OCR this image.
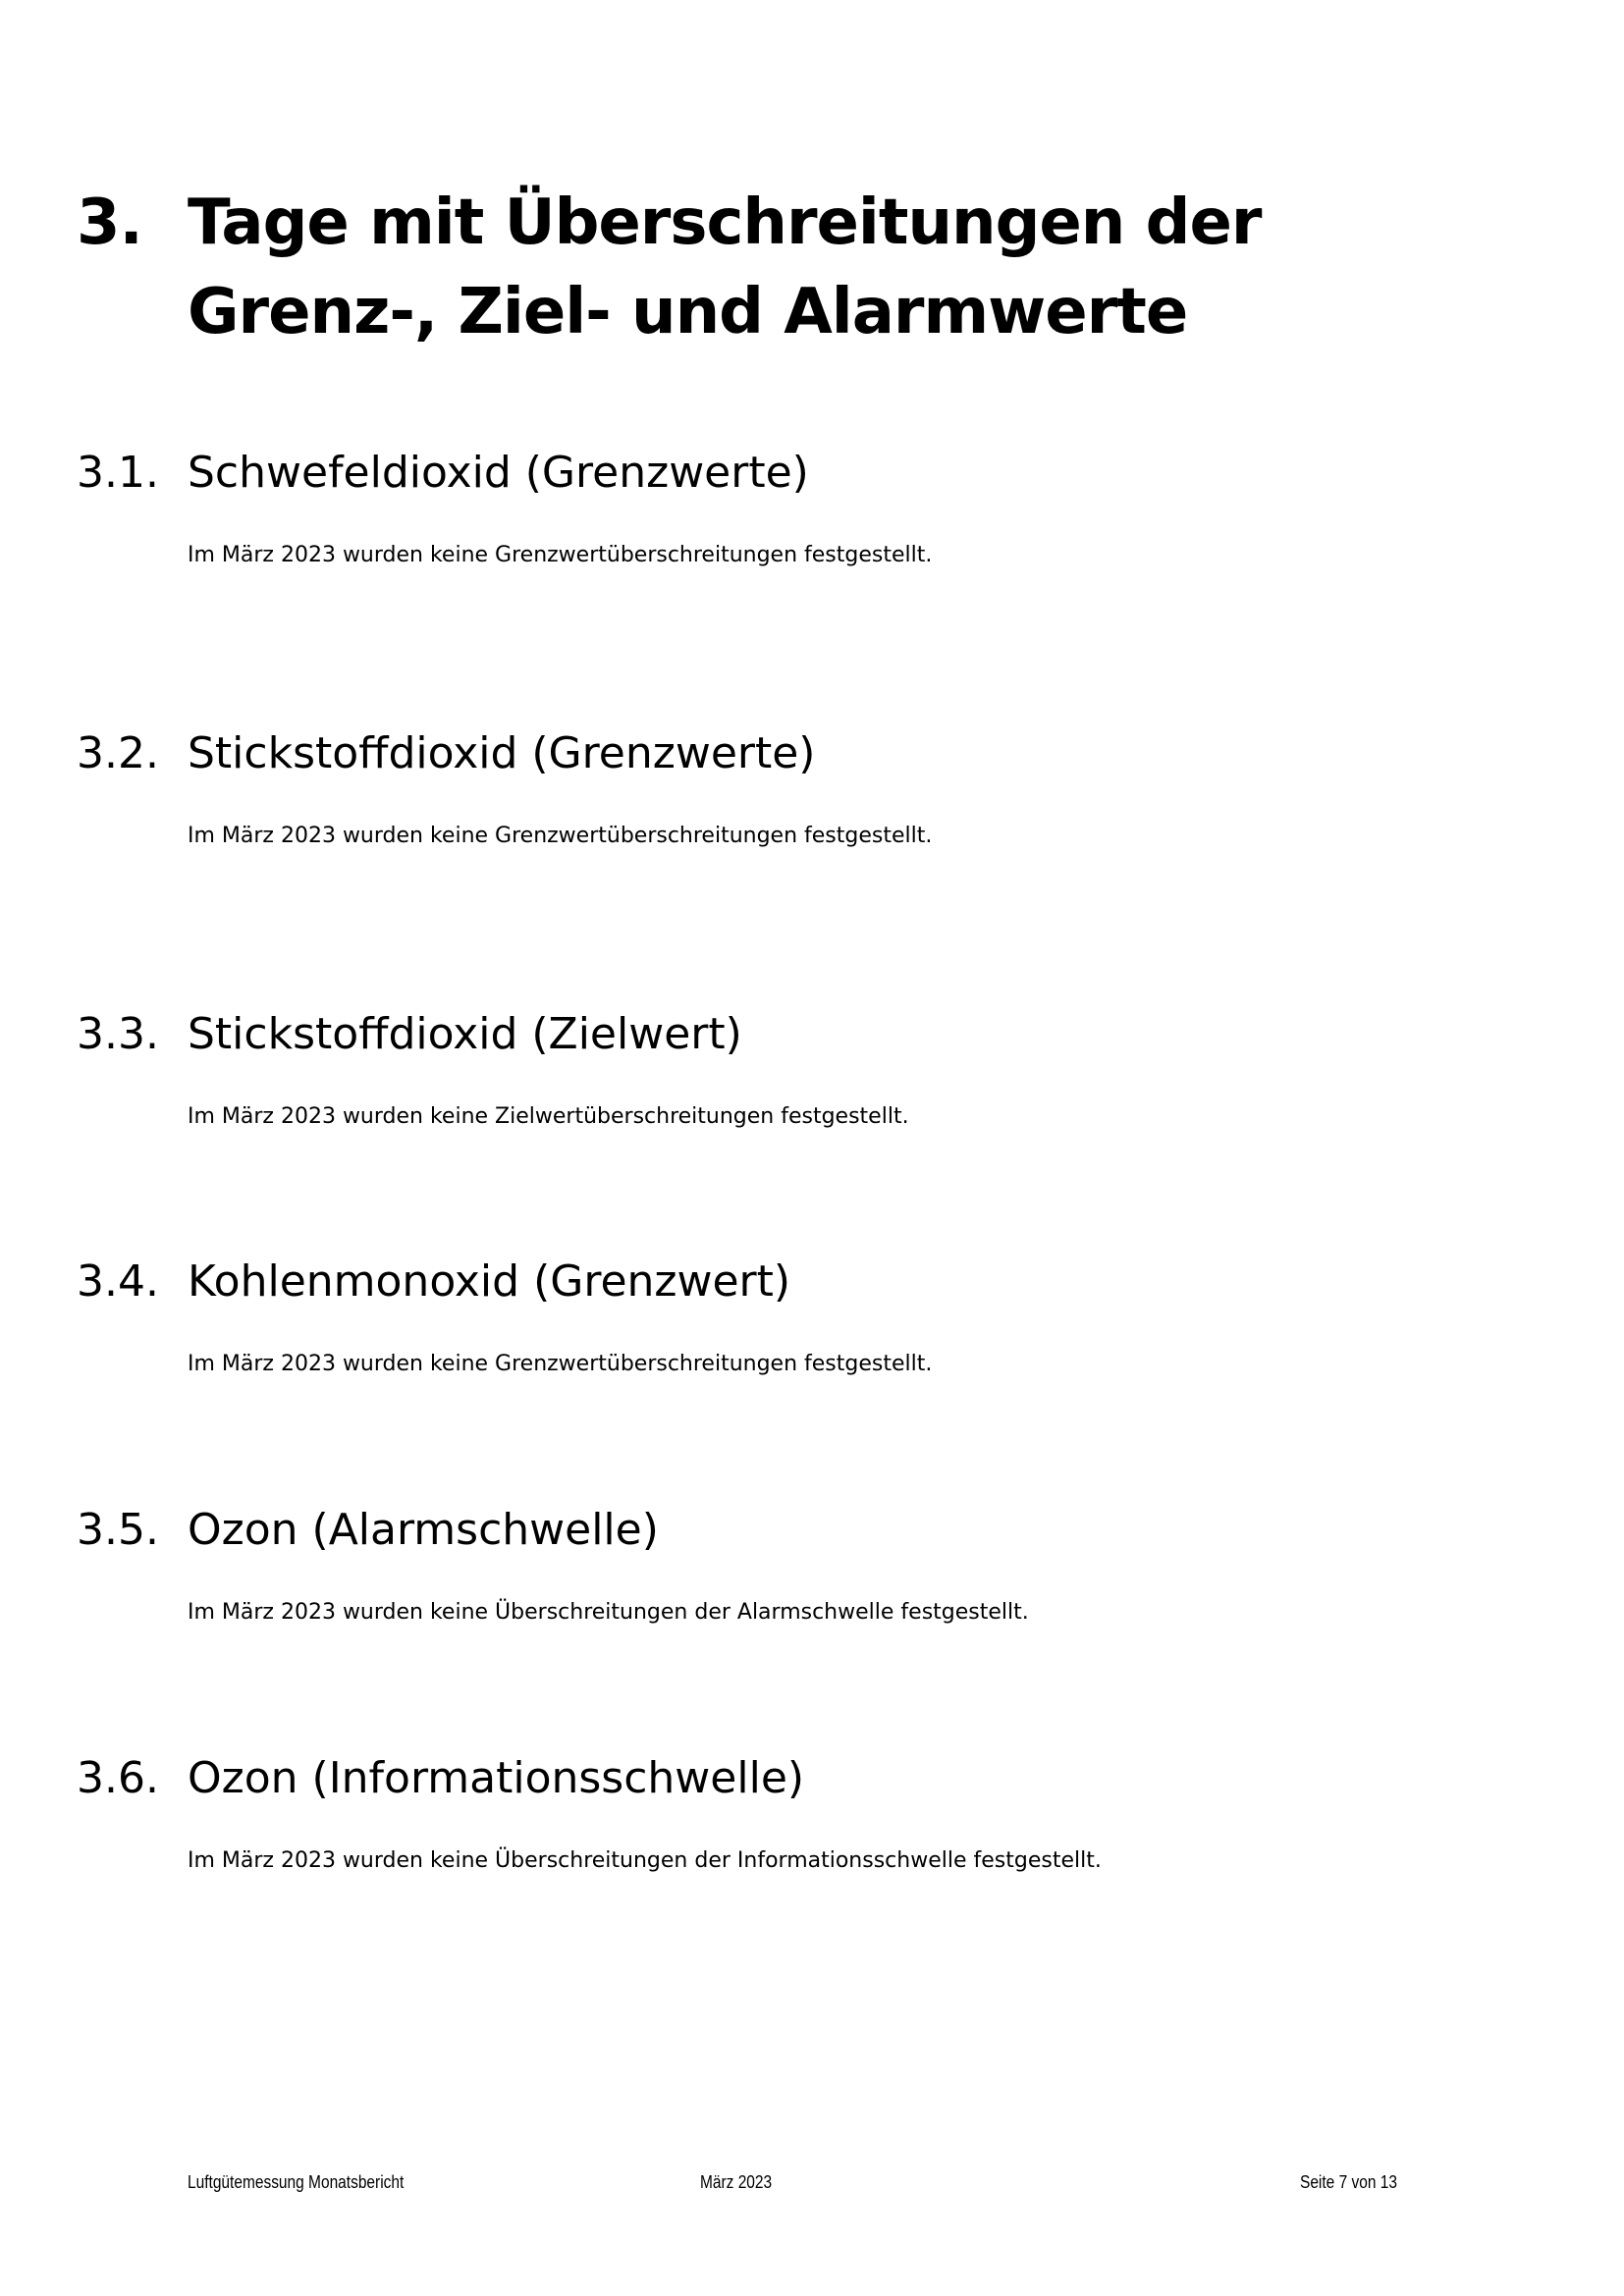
3. Tage mit Überschreitungen der Grenz-, Ziel- und Alarmwerte
3.1. Schwefeldioxid (Grenzwerte)
Im März 2023 wurden keine Grenzwertüberschreitungen festgestellt.
3.2. Stickstoffdioxid (Grenzwerte)
Im März 2023 wurden keine Grenzwertüberschreitungen festgestellt.
3.3. Stickstoffdioxid (Zielwert)
Im März 2023 wurden keine Zielwertüberschreitungen festgestellt.
3.4. Kohlenmonoxid (Grenzwert)
Im März 2023 wurden keine Grenzwertüberschreitungen festgestellt.
3.5. Ozon (Alarmschwelle)
Im März 2023 wurden keine Überschreitungen der Alarmschwelle festgestellt.
3.6. Ozon (Informationsschwelle)
Im März 2023 wurden keine Überschreitungen der Informationsschwelle festgestellt.
Luftgütemessung Monatsbericht	März 2023	Seite 7 von 13
